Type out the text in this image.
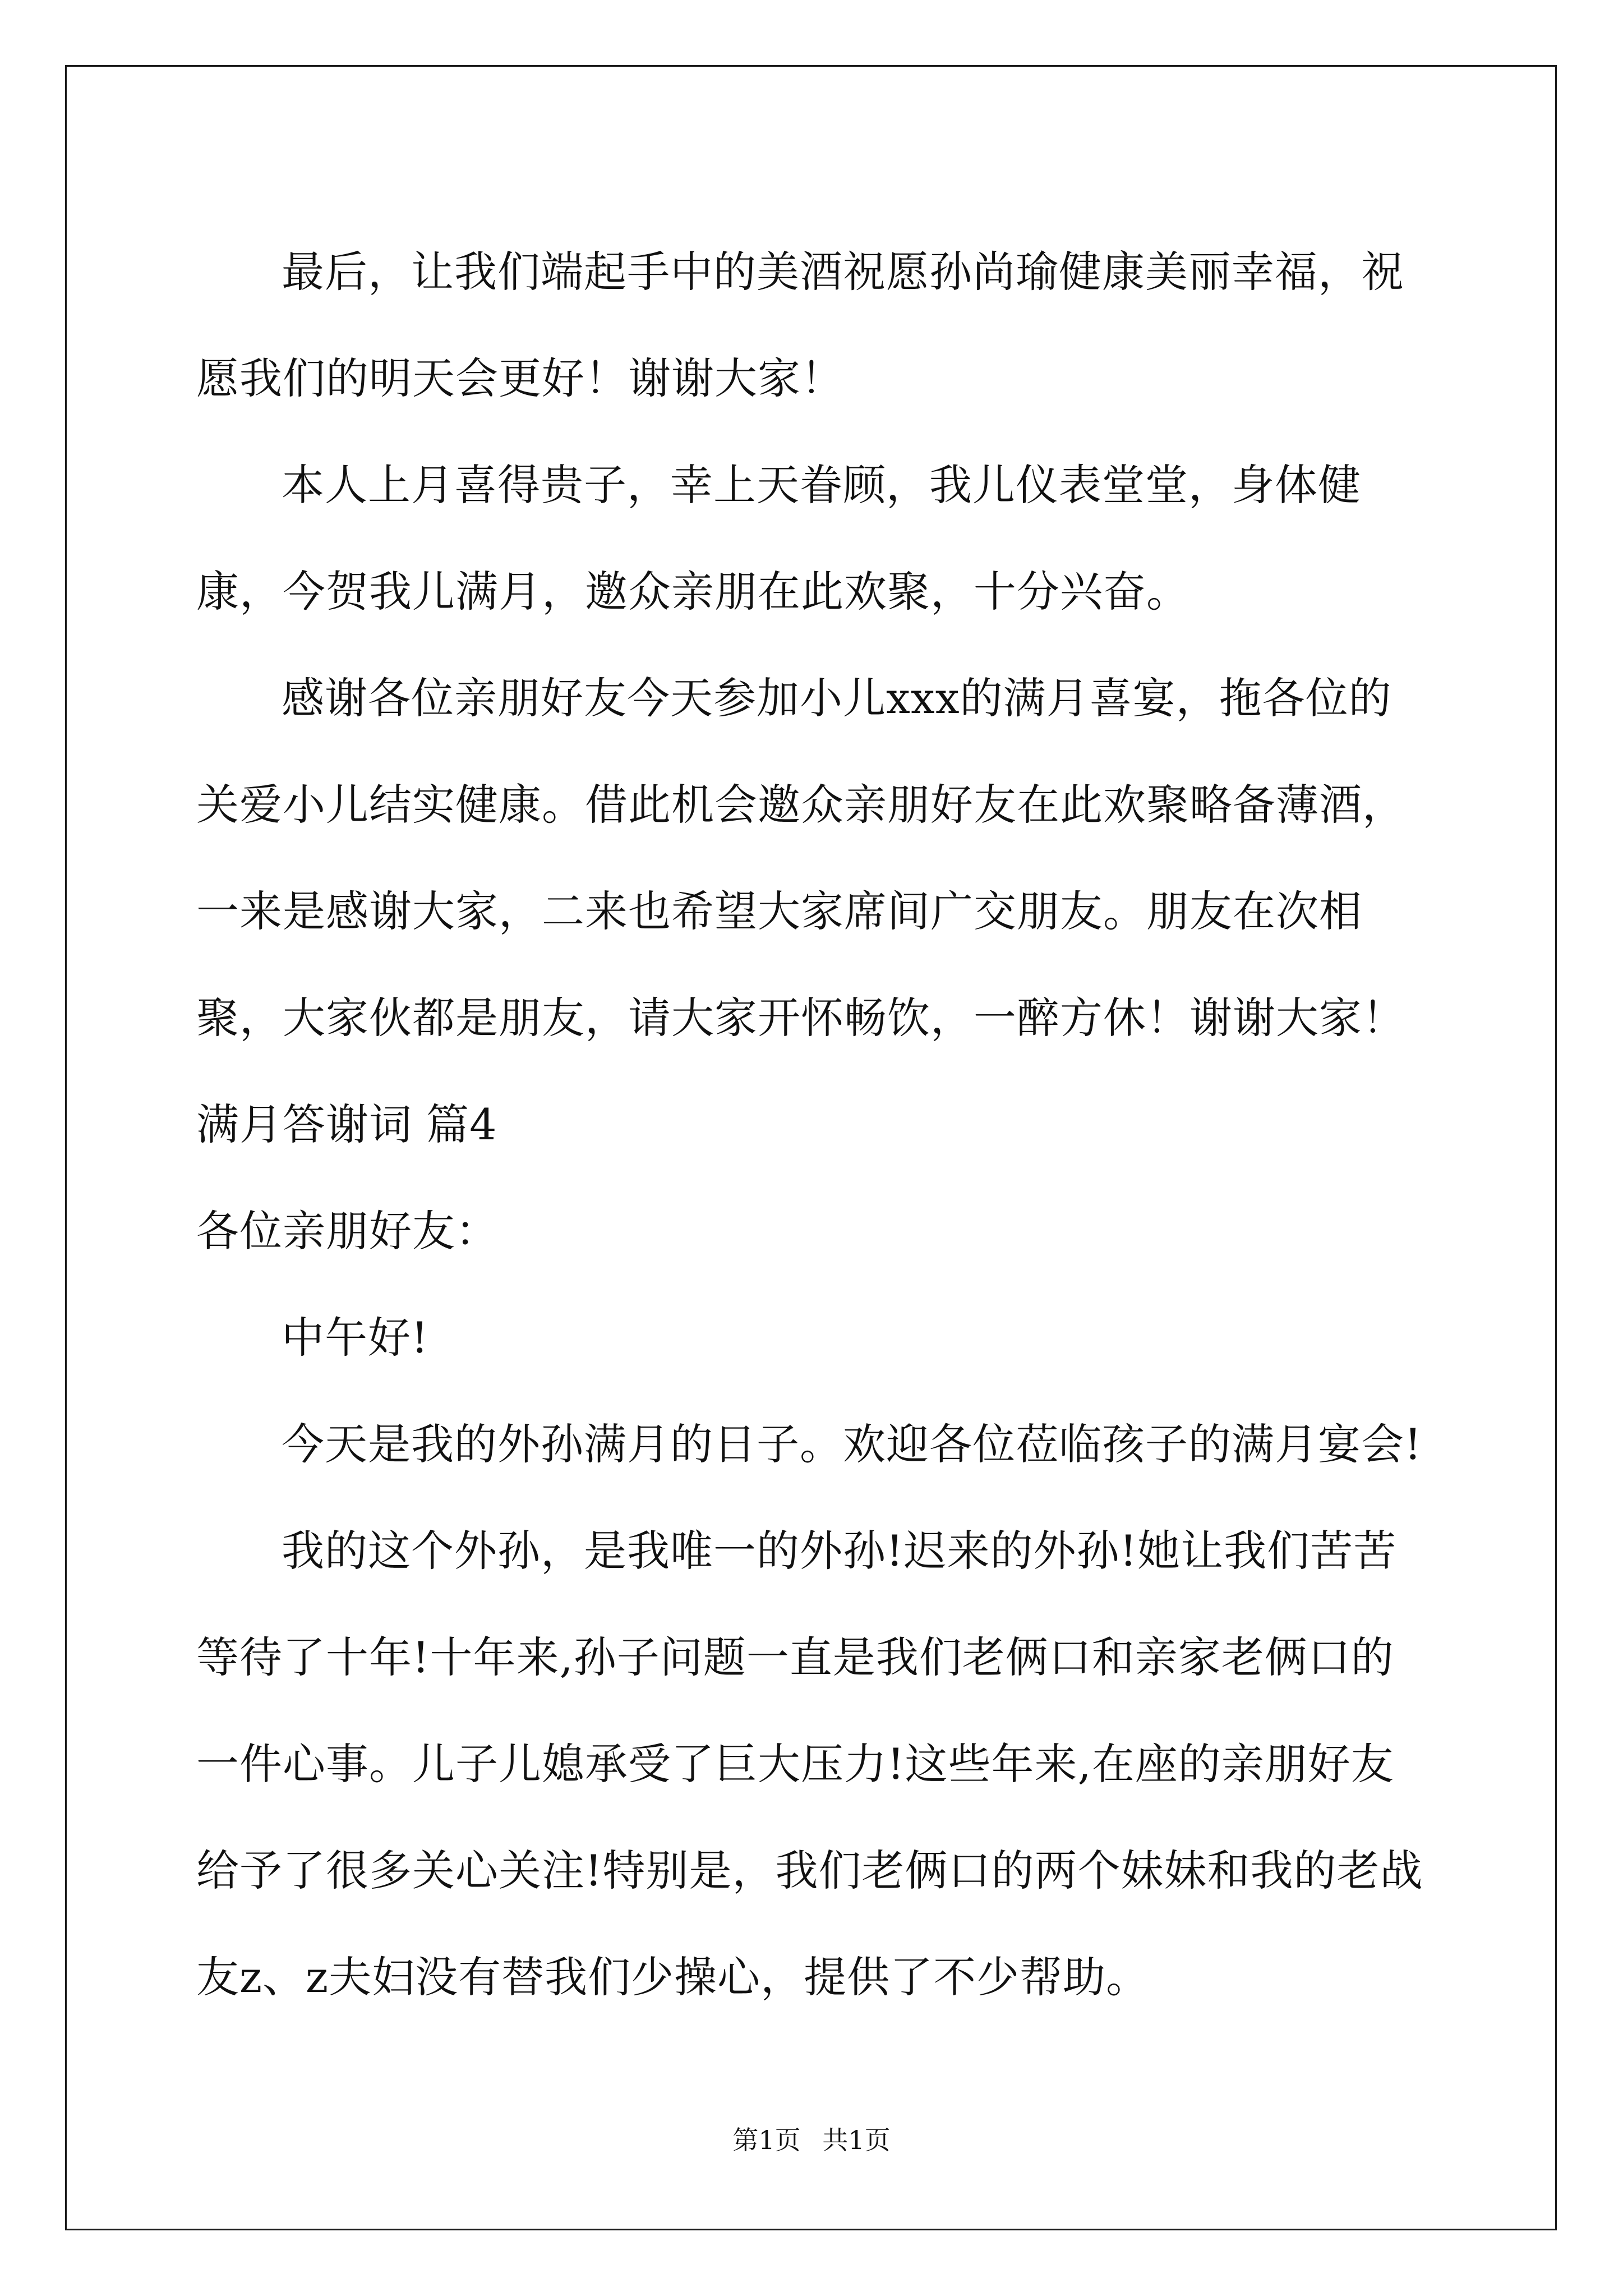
最后，让我们端起手中的美酒祝愿孙尚瑜健康美丽幸福，祝愿我们的明天会更好！谢谢大家！

本人上月喜得贵子，幸上天眷顾，我儿仪表堂堂，身体健康，今贺我儿满月，邀众亲朋在此欢聚，十分兴奋。

感谢各位亲朋好友今天参加小儿xxx的满月喜宴，拖各位的关爱小儿结实健康。借此机会邀众亲朋好友在此欢聚略备薄酒，一来是感谢大家，二来也希望大家席间广交朋友。朋友在次相聚，大家伙都是朋友，请大家开怀畅饮，一醉方休！谢谢大家！

满月答谢词 篇4

各位亲朋好友：

中午好!

今天是我的外孙满月的日子。欢迎各位莅临孩子的满月宴会!

我的这个外孙，是我唯一的外孙!迟来的外孙!她让我们苦苦等待了十年!十年来,孙子问题一直是我们老俩口和亲家老俩口的一件心事。儿子儿媳承受了巨大压力!这些年来,在座的亲朋好友给予了很多关心关注!特别是，我们老俩口的两个妹妹和我的老战友z、z夫妇没有替我们少操心，提供了不少帮助。

第1页 共1页
